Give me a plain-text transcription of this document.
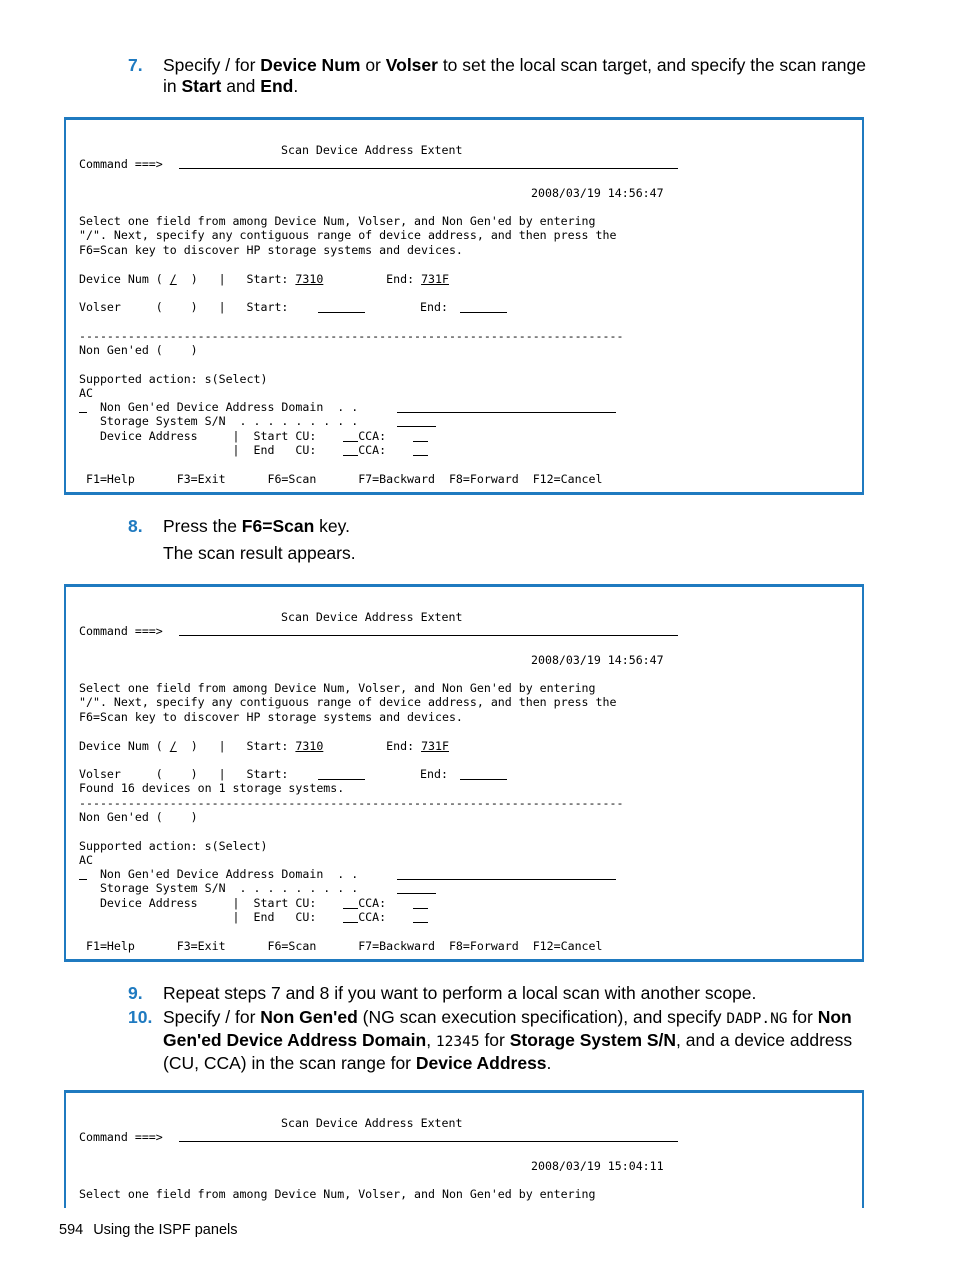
7. Specify / for Device Num or Volser to set the local scan target, and specify the scan range in Start and End.
Scan Device Address Extent
Command ===>
2008/03/19 14:56:47
Select one field from among Device Num, Volser, and Non Gen'ed by entering
"/". Next, specify any contiguous range of device address, and then press the
F6=Scan key to discover HP storage systems and devices.
Device Num ( /  )   |   Start: 7310	End: 731F
Volser     (    )   |   Start:	End:
------------------------------------------------------------------------------
Non Gen'ed (    )
Supported action: s(Select)
AC
Non Gen'ed Device Address Domain  . .
Storage System S/N  . . . . . . . . .
Device Address     |  Start CU:      CCA:
|  End   CU:      CCA:
F1=Help      F3=Exit      F6=Scan      F7=Backward  F8=Forward  F12=Cancel
8. Press the F6=Scan key.
The scan result appears.
Scan Device Address Extent
Command ===>
2008/03/19 14:56:47
Select one field from among Device Num, Volser, and Non Gen'ed by entering
"/". Next, specify any contiguous range of device address, and then press the
F6=Scan key to discover HP storage systems and devices.
Device Num ( /  )   |   Start: 7310	End: 731F
Volser     (    )   |   Start:	End:
Found 16 devices on 1 storage systems.
------------------------------------------------------------------------------
Non Gen'ed (    )
Supported action: s(Select)
AC
Non Gen'ed Device Address Domain  . .
Storage System S/N  . . . . . . . . .
Device Address     |  Start CU:      CCA:
|  End   CU:      CCA:
F1=Help      F3=Exit      F6=Scan      F7=Backward  F8=Forward  F12=Cancel
9. Repeat steps 7 and 8 if you want to perform a local scan with another scope.
10. Specify / for Non Gen'ed (NG scan execution specification), and specify DADP.NG for Non Gen'ed Device Address Domain, 12345 for Storage System S/N, and a device address (CU, CCA) in the scan range for Device Address.
Scan Device Address Extent
Command ===>
2008/03/19 15:04:11
Select one field from among Device Num, Volser, and Non Gen'ed by entering
594 Using the ISPF panels
